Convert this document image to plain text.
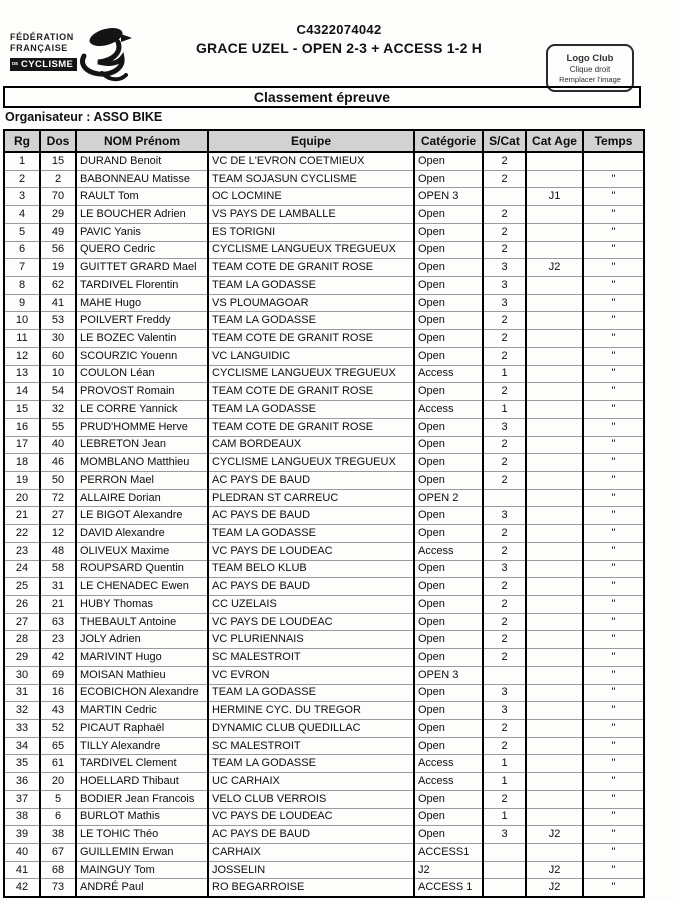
FÉDÉRATION
FRANÇAISE
DE CYCLISME
C4322074042
GRACE UZEL - OPEN 2-3 + ACCESS 1-2 H
Logo Club
Clique droit
Remplacer l'image
Classement épreuve
Organisateur : ASSO BIKE
Rg	Dos	NOM Prénom	Equipe	Catégorie	S/Cat	Cat Age	Temps
1	15	DURAND Benoit	VC DE L'EVRON COETMIEUX	Open	2		
2	2	BABONNEAU Matisse	TEAM SOJASUN CYCLISME	Open	2		"
3	70	RAULT Tom	OC LOCMINE	OPEN 3		J1	"
4	29	LE BOUCHER Adrien	VS PAYS DE LAMBALLE	Open	2		"
5	49	PAVIC Yanis	ES TORIGNI	Open	2		"
6	56	QUERO Cedric	CYCLISME LANGUEUX TREGUEUX	Open	2		"
7	19	GUITTET GRARD Mael	TEAM COTE DE GRANIT ROSE	Open	3	J2	"
8	62	TARDIVEL Florentin	TEAM LA GODASSE	Open	3		"
9	41	MAHE Hugo	VS PLOUMAGOAR	Open	3		"
10	53	POILVERT Freddy	TEAM LA GODASSE	Open	2		"
11	30	LE BOZEC Valentin	TEAM COTE DE GRANIT ROSE	Open	2		"
12	60	SCOURZIC Youenn	VC LANGUIDIC	Open	2		"
13	10	COULON Léan	CYCLISME LANGUEUX TREGUEUX	Access	1		"
14	54	PROVOST Romain	TEAM COTE DE GRANIT ROSE	Open	2		"
15	32	LE CORRE Yannick	TEAM LA GODASSE	Access	1		"
16	55	PRUD'HOMME Herve	TEAM COTE DE GRANIT ROSE	Open	3		"
17	40	LEBRETON Jean	CAM BORDEAUX	Open	2		"
18	46	MOMBLANO Matthieu	CYCLISME LANGUEUX TREGUEUX	Open	2		"
19	50	PERRON Mael	AC PAYS DE BAUD	Open	2		"
20	72	ALLAIRE Dorian	PLEDRAN ST CARREUC	OPEN 2			"
21	27	LE BIGOT Alexandre	AC PAYS DE BAUD	Open	3		"
22	12	DAVID Alexandre	TEAM LA GODASSE	Open	2		"
23	48	OLIVEUX Maxime	VC PAYS DE LOUDEAC	Access	2		"
24	58	ROUPSARD Quentin	TEAM BELO KLUB	Open	3		"
25	31	LE CHENADEC Ewen	AC PAYS DE BAUD	Open	2		"
26	21	HUBY Thomas	CC UZELAIS	Open	2		"
27	63	THEBAULT Antoine	VC PAYS DE LOUDEAC	Open	2		"
28	23	JOLY Adrien	VC PLURIENNAIS	Open	2		"
29	42	MARIVINT Hugo	SC MALESTROIT	Open	2		"
30	69	MOISAN Mathieu	VC EVRON	OPEN 3			"
31	16	ECOBICHON Alexandre	TEAM LA GODASSE	Open	3		"
32	43	MARTIN Cedric	HERMINE CYC. DU TREGOR	Open	3		"
33	52	PICAUT Raphaël	DYNAMIC CLUB QUEDILLAC	Open	2		"
34	65	TILLY Alexandre	SC MALESTROIT	Open	2		"
35	61	TARDIVEL Clement	TEAM LA GODASSE	Access	1		"
36	20	HOELLARD Thibaut	UC CARHAIX	Access	1		"
37	5	BODIER Jean Francois	VELO CLUB VERROIS	Open	2		"
38	6	BURLOT Mathis	VC PAYS DE LOUDEAC	Open	1		"
39	38	LE TOHIC Théo	AC PAYS DE BAUD	Open	3	J2	"
40	67	GUILLEMIN Erwan	CARHAIX	ACCESS1			"
41	68	MAINGUY Tom	JOSSELIN	J2		J2	"
42	73	ANDRÉ Paul	RO BEGARROISE	ACCESS 1		J2	"
